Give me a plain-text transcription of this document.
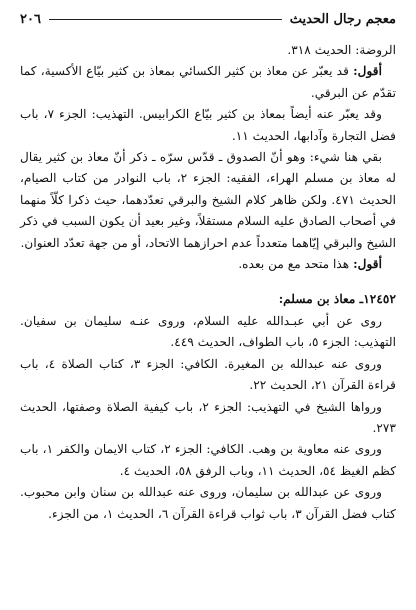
معجم رجال الحديث
٢٠٦

الروضة: الحديث ٣١٨.

أقول: قد يعبّر عن معاذ بن كثير الكسائي بمعاذ بن كثير بيّاع الأكسية، كما تقدّم عن البرقي.

وقد يعبّر عنه أيضاً بمعاذ بن كثير بيّاع الكرابيس. التهذيب: الجزء ٧، باب فضل التجارة وآدابها، الحديث ١١.

بقي هنا شيء: وهو أنّ الصدوق ـ قدّس سرّه ـ ذكر أنّ معاذ بن كثير يقال له معاذ بن مسلم الهراء، الفقيه: الجزء ٢، باب النوادر من كتاب الصيام، الحديث ٤٧١. ولكن ظاهر كلام الشيخ والبرقي تعدّدهما، حيث ذكرا كلّاً منهما في أصحاب الصادق عليه السلام مستقلاً، وغير بعيد أن يكون السبب في ذكر الشيخ والبرقي إيّاهما متعدداً عدم احرازهما الاتحاد، أو من جهة تعدّد العنوان.

أقول: هذا متحد مع من بعده.

١٢٤٥٢ـ معاذ بن مسلم:

روى عن أبي عبـدالله عليه السلام، وروى عنـه سليمان بن سفيان. التهذيب: الجزء ٥، باب الطواف، الحديث ٤٤٩.

وروى عنه عبدالله بن المغيرة. الكافي: الجزء ٣، كتاب الصلاة ٤، باب قراءة القرآن ٢١، الحديث ٢٢.

ورواها الشيخ في التهذيب: الجزء ٢، باب كيفية الصلاة وصفتها، الحديث ٢٧٣.

وروى عنه معاوية بن وهب. الكافي: الجزء ٢، كتاب الايمان والكفر ١، باب كظم الغيظ ٥٤، الحديث ١١، وباب الرفق ٥٨، الحديث ٤.

وروى عن عبدالله بن سليمان، وروى عنه عبدالله بن سنان وابن محبوب. كتاب فضل القرآن ٣، باب ثواب قراءة القرآن ٦، الحديث ١، من الجزء.
